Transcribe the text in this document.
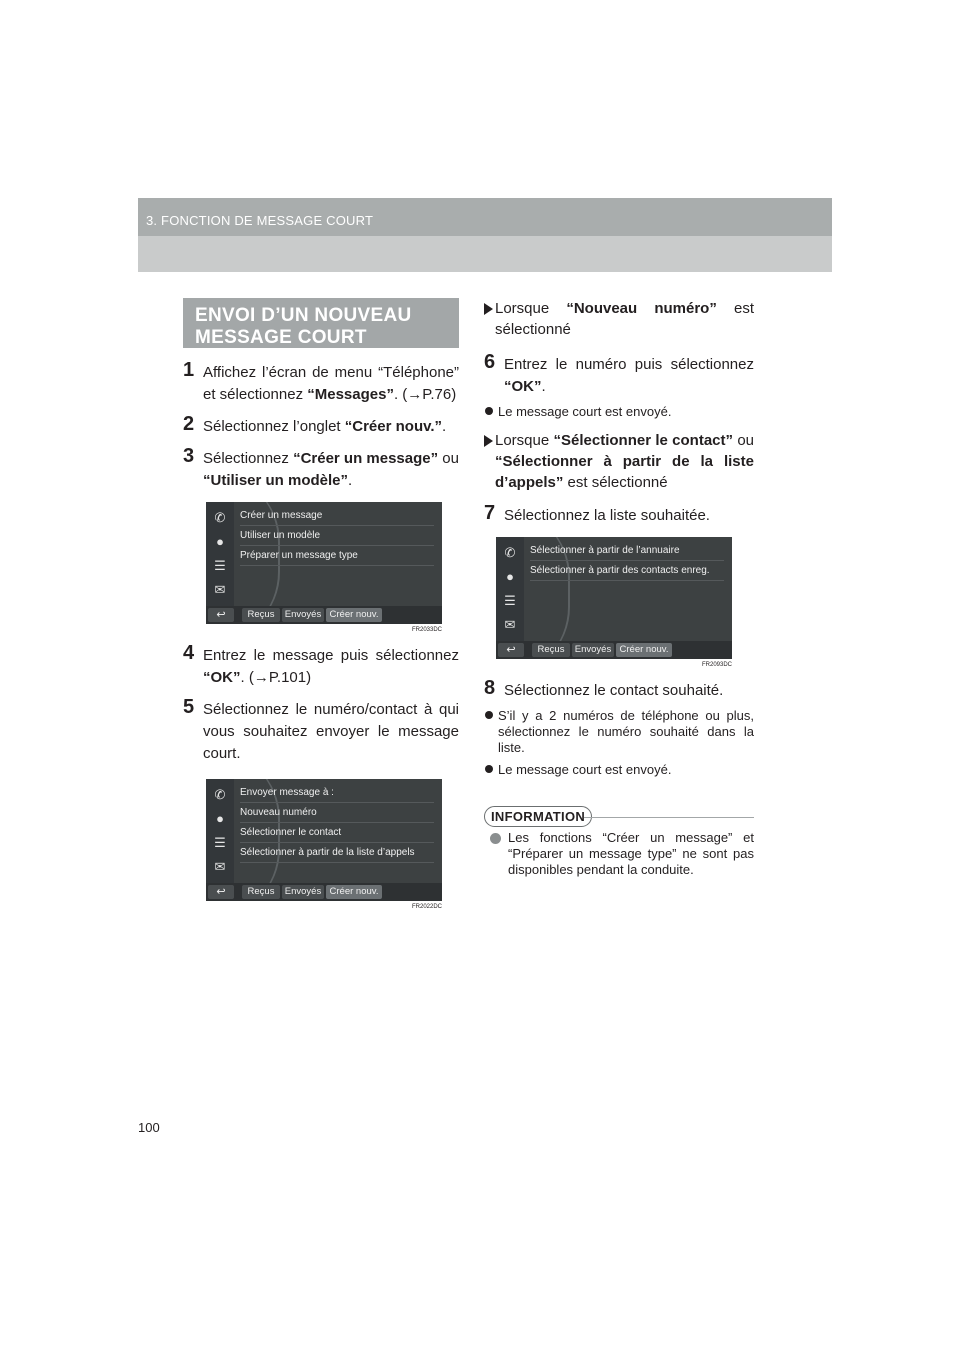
3. FONCTION DE MESSAGE COURT
ENVOI D’UN NOUVEAU MESSAGE COURT
1 Affichez l’écran de menu “Téléphone” et sélectionnez “Messages”. (→P.76)
2 Sélectionnez l’onglet “Créer nouv.”.
3 Sélectionnez “Créer un message” ou “Utiliser un modèle”.
✆
●
☰
✉
Créer un message
Utiliser un modèle
Préparer un message type
↩	Reçus	Envoyés Créer nouv.
FR2033DC
4 Entrez le message puis sélectionnez “OK”. (→P.101)
5 Sélectionnez le numéro/contact à qui vous souhaitez envoyer le message court.
✆
●
☰
✉
Envoyer message à :
Nouveau numéro
Sélectionner le contact
Sélectionner à partir de la liste d’appels
↩	Reçus	Envoyés Créer nouv.
FR2022DC
Lorsque “Nouveau numéro” est sélectionné
6 Entrez le numéro puis sélectionnez “OK”.
Le message court est envoyé.
Lorsque “Sélectionner le contact” ou “Sélectionner à partir de la liste d’appels” est sélectionné
7 Sélectionnez la liste souhaitée.
✆
●
☰
✉
Sélectionner à partir de l’annuaire
Sélectionner à partir des contacts enreg.
↩	Reçus	Envoyés Créer nouv.
FR2093DC
8 Sélectionnez le contact souhaité.
S’il y a 2 numéros de téléphone ou plus, sélectionnez le numéro souhaité dans la liste.
Le message court est envoyé.
INFORMATION
Les fonctions “Créer un message” et “Préparer un message type” ne sont pas disponibles pendant la conduite.
100
